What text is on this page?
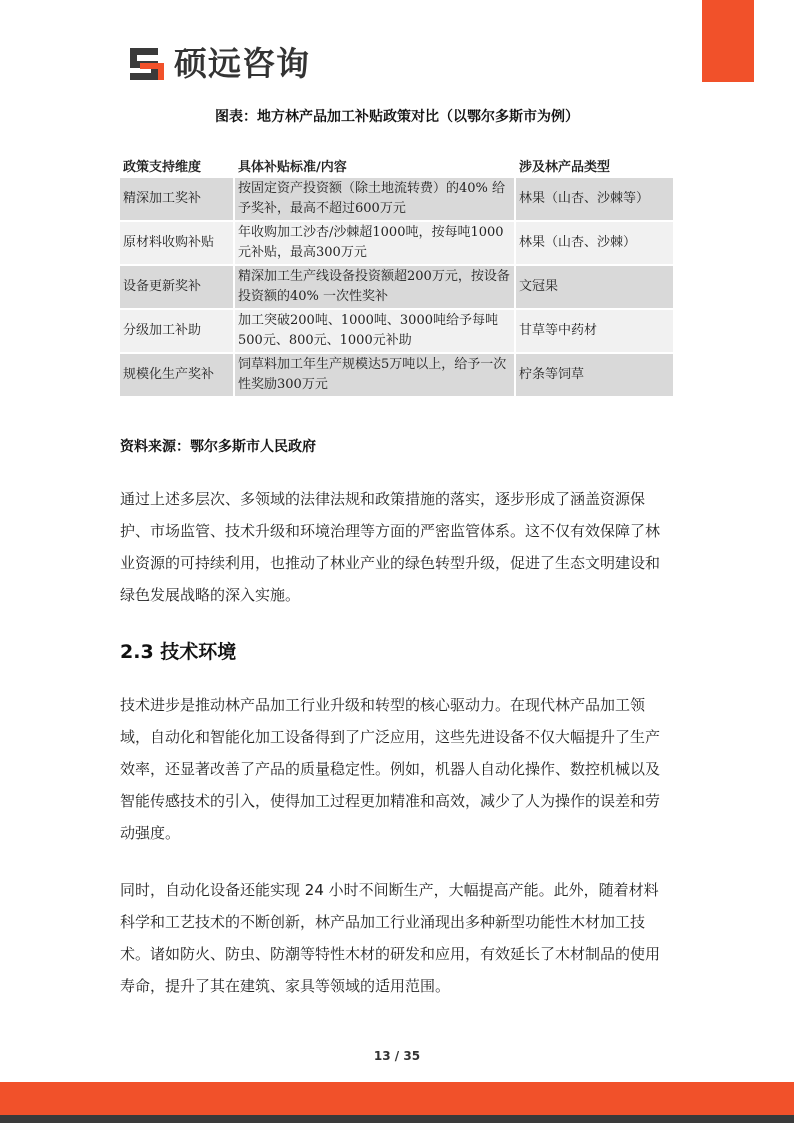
硕远咨询
图表：地方林产品加工补贴政策对比（以鄂尔多斯市为例）
政策支持维度	具体补贴标准/内容	涉及林产品类型
精深加工奖补	按固定资产投资额（除土地流转费）的40% 给予奖补，最高不超过600万元	林果（山杏、沙棘等）
原材料收购补贴	年收购加工沙杏/沙棘超1000吨，按每吨1000元补贴，最高300万元	林果（山杏、沙棘）
设备更新奖补	精深加工生产线设备投资额超200万元，按设备投资额的40% 一次性奖补	文冠果
分级加工补助	加工突破200吨、1000吨、3000吨给予每吨500元、800元、1000元补助	甘草等中药材
规模化生产奖补	饲草料加工年生产规模达5万吨以上，给予一次性奖励300万元	柠条等饲草
资料来源：鄂尔多斯市人民政府
通过上述多层次、多领域的法律法规和政策措施的落实，逐步形成了涵盖资源保护、市场监管、技术升级和环境治理等方面的严密监管体系。这不仅有效保障了林业资源的可持续利用，也推动了林业产业的绿色转型升级，促进了生态文明建设和绿色发展战略的深入实施。
2.3 技术环境
技术进步是推动林产品加工行业升级和转型的核心驱动力。在现代林产品加工领域，自动化和智能化加工设备得到了广泛应用，这些先进设备不仅大幅提升了生产效率，还显著改善了产品的质量稳定性。例如，机器人自动化操作、数控机械以及智能传感技术的引入，使得加工过程更加精准和高效，减少了人为操作的误差和劳动强度。
同时，自动化设备还能实现 24 小时不间断生产，大幅提高产能。此外，随着材料科学和工艺技术的不断创新，林产品加工行业涌现出多种新型功能性木材加工技术。诸如防火、防虫、防潮等特性木材的研发和应用，有效延长了木材制品的使用寿命，提升了其在建筑、家具等领域的适用范围。
13 / 35
